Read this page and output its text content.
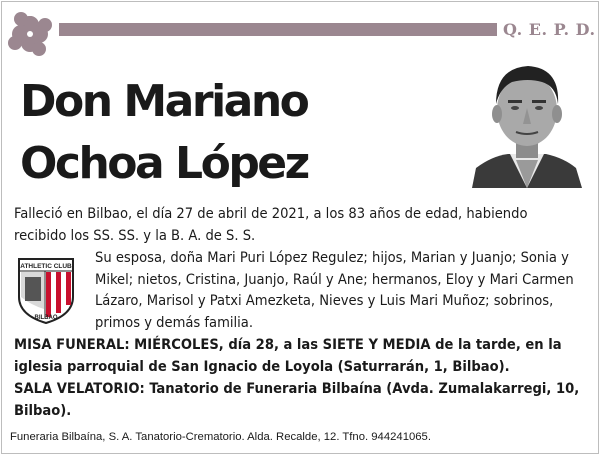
Q. E. P. D.
Don Mariano
Ochoa López
Falleció en Bilbao, el día 27 de abril de 2021, a los 83 años de edad, habiendo recibido los SS. SS. y la B. A. de S. S.
ATHLETIC CLUB
BILBAO
Su esposa, doña Mari Puri López Regulez; hijos, Marian y Juanjo; Sonia y Mikel; nietos, Cristina, Juanjo, Raúl y Ane; hermanos, Eloy y Mari Carmen Lázaro, Marisol y Patxi Amezketa, Nieves y Luis Mari Muñoz; sobrinos, primos y demás familia.
MISA FUNERAL: MIÉRCOLES, día 28, a las SIETE Y MEDIA de la tarde, en la iglesia parroquial de San Ignacio de Loyola (Saturrarán, 1, Bilbao).
SALA VELATORIO: Tanatorio de Funeraria Bilbaína (Avda. Zumalakarregi, 10, Bilbao).
Funeraria Bilbaína, S. A. Tanatorio-Crematorio. Alda. Recalde, 12. Tfno. 944241065.
